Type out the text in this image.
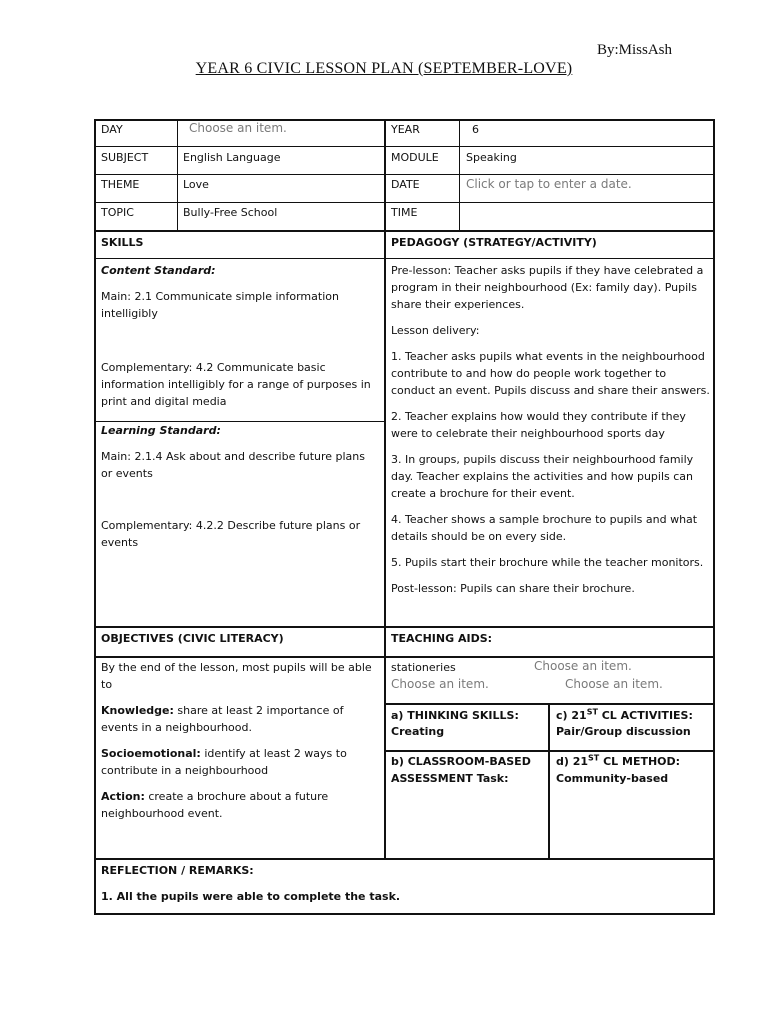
By:MissAsh
YEAR 6 CIVIC LESSON PLAN (SEPTEMBER-LOVE)
DAY	Choose an item.	YEAR	6
SUBJECT	English Language	MODULE Speaking
THEME	Love	DATE	Click or tap to enter a date.
TOPIC	Bully-Free School	TIME
SKILLS	PEDAGOGY (STRATEGY/ACTIVITY)
Content Standard:
Main: 2.1 Communicate simple information intelligibly
Complementary: 4.2 Communicate basic information intelligibly for a range of purposes in print and digital media
Learning Standard:
Main: 2.1.4 Ask about and describe future plans or events
Complementary: 4.2.2 Describe future plans or events

Pre-lesson: Teacher asks pupils if they have celebrated a program in their neighbourhood (Ex: family day). Pupils share their experiences.

Lesson delivery:

1. Teacher asks pupils what events in the neighbourhood contribute to and how do people work together to conduct an event. Pupils discuss and share their answers.

2. Teacher explains how would they contribute if they were to celebrate their neighbourhood sports day

3. In groups, pupils discuss their neighbourhood family day. Teacher explains the activities and how pupils can create a brochure for their event.

4. Teacher shows a sample brochure to pupils and what details should be on every side.

5. Pupils start their brochure while the teacher monitors.

Post-lesson: Pupils can share their brochure.

OBJECTIVES (CIVIC LITERACY)	TEACHING AIDS:

By the end of the lesson, most pupils will be able to

Knowledge: share at least 2 importance of events in a neighbourhood.

Socioemotional: identify at least 2 ways to contribute in a neighbourhood

Action: create a brochure about a future neighbourhood event.

stationeries	Choose an item.
Choose an item.	Choose an item.
a) THINKING SKILLS:
Creating
c) 21ST CL ACTIVITIES:
Pair/Group discussion
b) CLASSROOM-BASED
ASSESSMENT Task:
d) 21ST CL METHOD:
Community-based
REFLECTION / REMARKS:
1. All the pupils were able to complete the task.
